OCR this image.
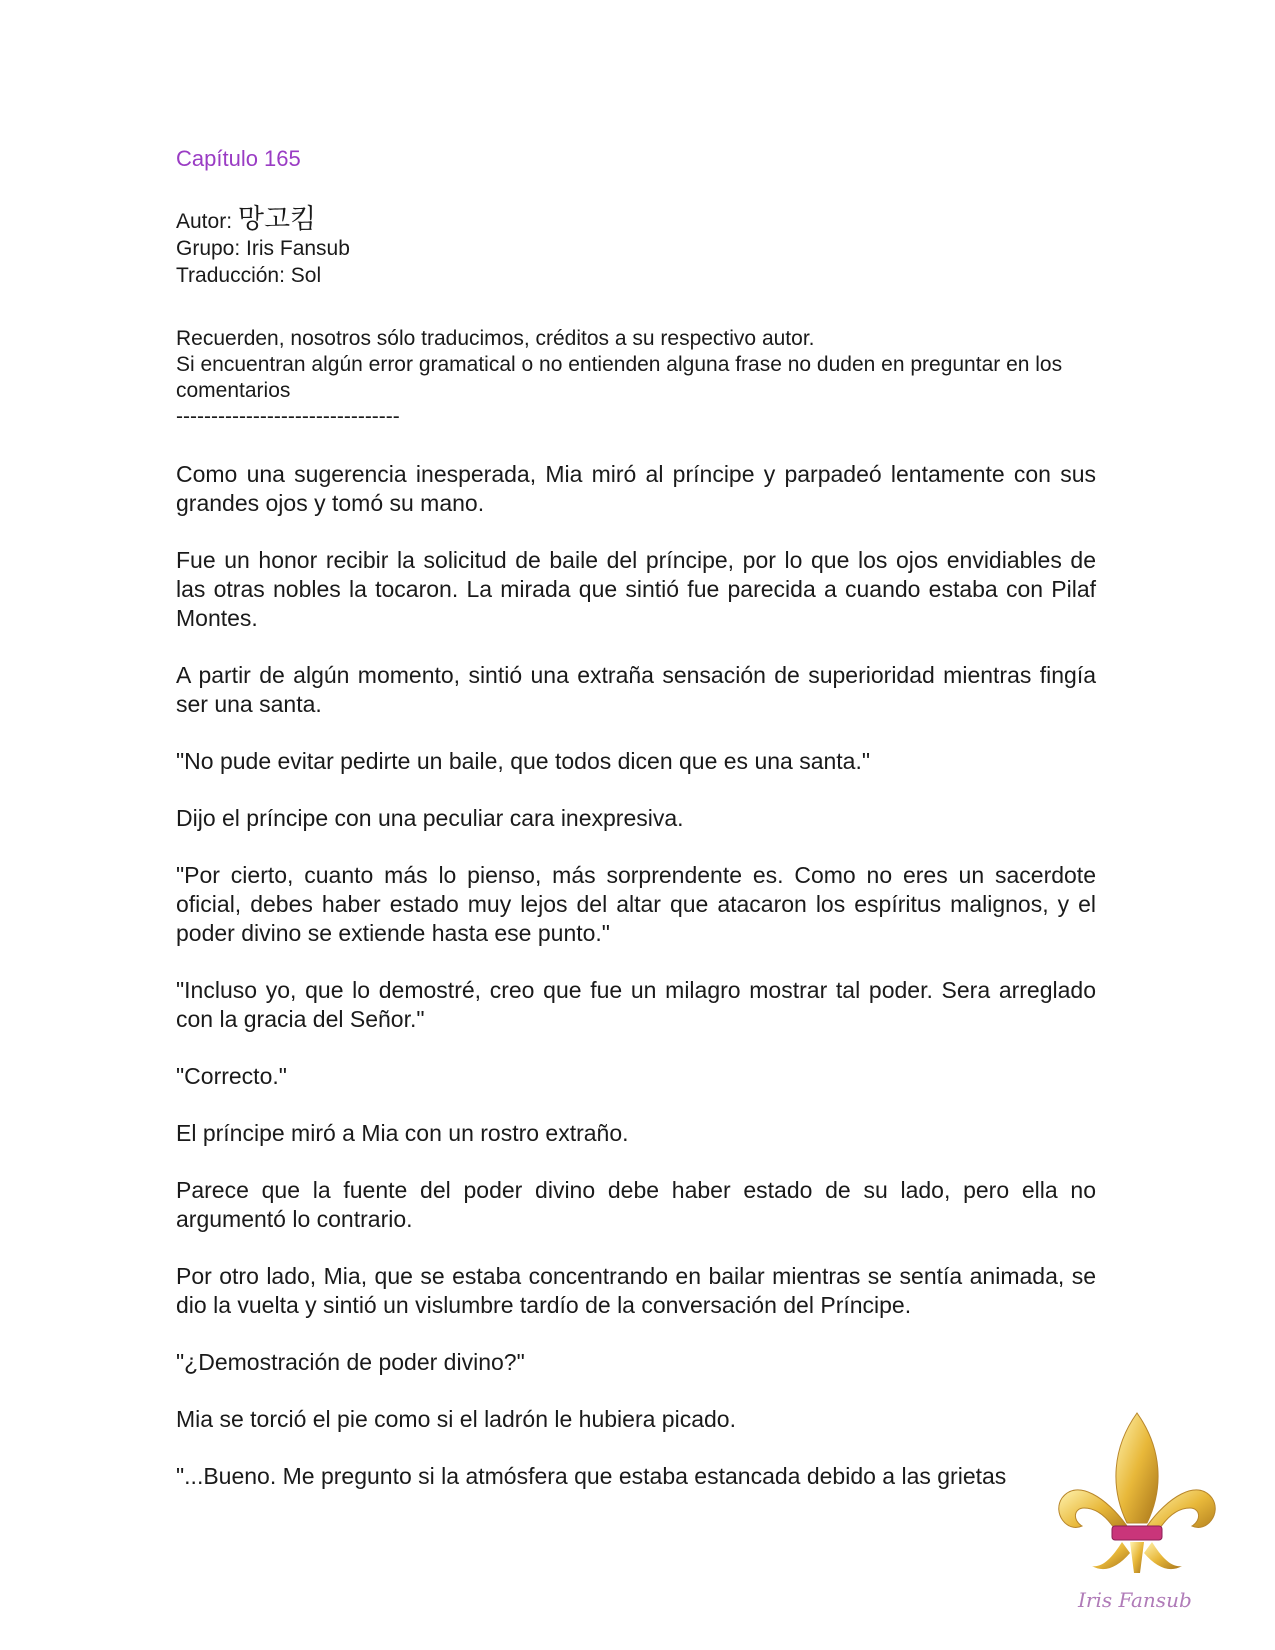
Capítulo 165
Autor: 망고킴
Grupo: Iris Fansub
Traducción: Sol
Recuerden, nosotros sólo traducimos, créditos a su respectivo autor.
Si encuentran algún error gramatical o no entienden alguna frase no duden en preguntar en los comentarios
--------------------------------

Como una sugerencia inesperada, Mia miró al príncipe y parpadeó lentamente con sus grandes ojos y tomó su mano.

Fue un honor recibir la solicitud de baile del príncipe, por lo que los ojos envidiables de las otras nobles la tocaron. La mirada que sintió fue parecida a cuando estaba con Pilaf Montes.

A partir de algún momento, sintió una extraña sensación de superioridad mientras fingía ser una santa.

"No pude evitar pedirte un baile, que todos dicen que es una santa."

Dijo el príncipe con una peculiar cara inexpresiva.

"Por cierto, cuanto más lo pienso, más sorprendente es. Como no eres un sacerdote oficial, debes haber estado muy lejos del altar que atacaron los espíritus malignos, y el poder divino se extiende hasta ese punto."

"Incluso yo, que lo demostré, creo que fue un milagro mostrar tal poder. Sera arreglado con la gracia del Señor."

"Correcto."

El príncipe miró a Mia con un rostro extraño.

Parece que la fuente del poder divino debe haber estado de su lado, pero ella no argumentó lo contrario.

Por otro lado, Mia, que se estaba concentrando en bailar mientras se sentía animada, se dio la vuelta y sintió un vislumbre tardío de la conversación del Príncipe.

"¿Demostración de poder divino?"

Mia se torció el pie como si el ladrón le hubiera picado.

"...Bueno. Me pregunto si la atmósfera que estaba estancada debido a las grietas

Iris Fansub
